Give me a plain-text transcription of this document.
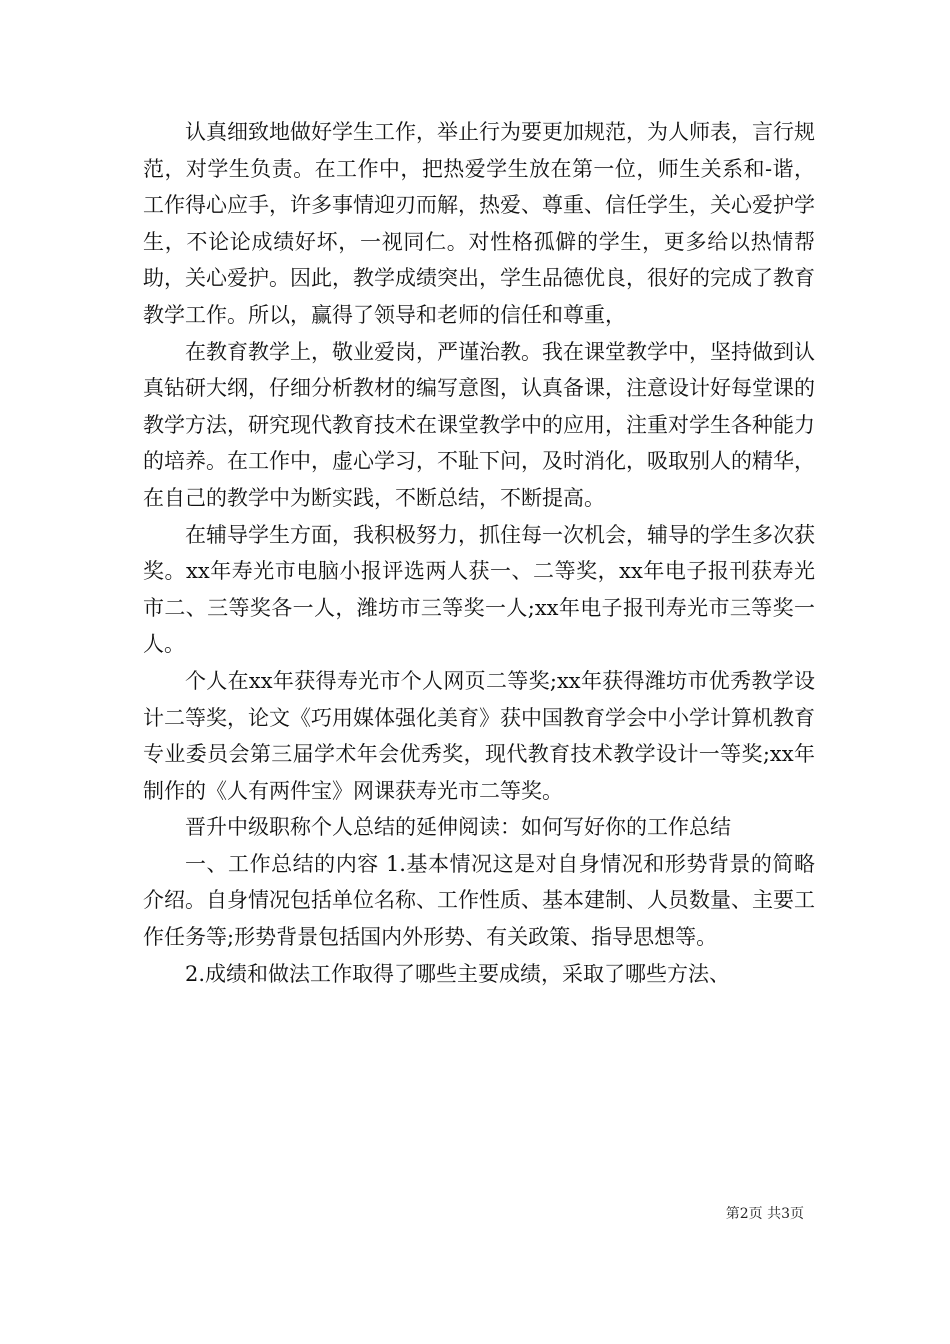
认真细致地做好学生工作，举止行为要更加规范，为人师表，言行规范，对学生负责。在工作中，把热爱学生放在第一位，师生关系和-谐，工作得心应手，许多事情迎刃而解，热爱、尊重、信任学生，关心爱护学生，不论论成绩好坏，一视同仁。对性格孤僻的学生，更多给以热情帮助，关心爱护。因此，教学成绩突出，学生品德优良，很好的完成了教育教学工作。所以，赢得了领导和老师的信任和尊重，

在教育教学上，敬业爱岗，严谨治教。我在课堂教学中，坚持做到认真钻研大纲，仔细分析教材的编写意图，认真备课，注意设计好每堂课的教学方法，研究现代教育技术在课堂教学中的应用，注重对学生各种能力的培养。在工作中，虚心学习，不耻下问，及时消化，吸取别人的精华，在自己的教学中为断实践，不断总结，不断提高。

在辅导学生方面，我积极努力，抓住每一次机会，辅导的学生多次获奖。xx年寿光市电脑小报评选两人获一、二等奖，xx年电子报刊获寿光市二、三等奖各一人，潍坊市三等奖一人;xx年电子报刊寿光市三等奖一人。

个人在xx年获得寿光市个人网页二等奖;xx年获得潍坊市优秀教学设计二等奖，论文《巧用媒体强化美育》获中国教育学会中小学计算机教育专业委员会第三届学术年会优秀奖，现代教育技术教学设计一等奖;xx年制作的《人有两件宝》网课获寿光市二等奖。

晋升中级职称个人总结的延伸阅读：如何写好你的工作总结

一、工作总结的内容 1.基本情况这是对自身情况和形势背景的简略介绍。自身情况包括单位名称、工作性质、基本建制、人员数量、主要工作任务等;形势背景包括国内外形势、有关政策、指导思想等。

2.成绩和做法工作取得了哪些主要成绩，采取了哪些方法、

第2页 共3页
